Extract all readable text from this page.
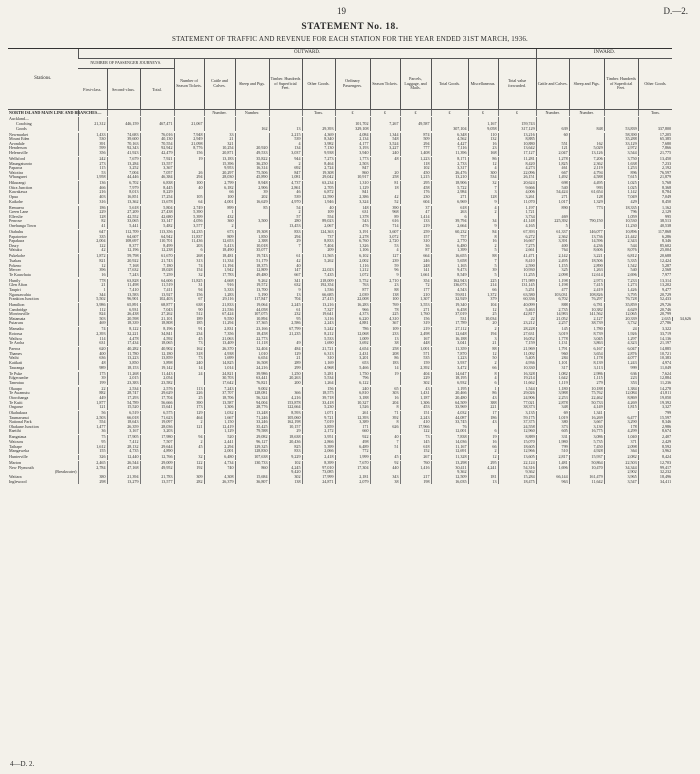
19	D.—2.
STATEMENT No. 18.
STATEMENT OF TRAFFIC AND REVENUE FOR EACH STATION FOR THE YEAR ENDED 31ST MARCH, 1936.
Stations.	OUTWARD.														INWARD.				
	NUMBER OF PASSENGER JOURNEYS.			Number of Season Tickets.	Cattle and Calves.	Sheep and Pigs.	Timber. Hundreds of Superficial Feet.	Other Goods.	Ordinary Passengers.	Season Tickets.	Parcels, Luggage, and Mails.	Total Goods.	Miscellaneous.	Total value forwarded.	Cattle and Calves.	Sheep and Pigs.	Timber. Hundreds of Superficial Feet.	Other Goods.	
	First-class.	Second-class.	Total.																
NORTH ISLAND MAIN LINE AND BRANCHES—					Number.	Number.		Tons.	£	£	£	£	£	£	Number.	Number.		Tons.	

Auckland—																			
Coaching	21,312	446,159	467,471	21,067					101,702	7,267	49,587		1,167	159,743					
Goods						162	13	29,393	329,108			307,104	9,058	317,129	639	848	53,839	337,800	

Newmarket	1,433	74,683	76,016	7,948	33		2,215	4,369	4,084	1,344	874	6,348	110	13,216	60		58,390	17,205	
Mount Eden	530	39,600	40,130	2,949	21		539	8,340	2,134	548	509	4,562	132	8,885			35,288	65,385	
Avondale	391	70,163	70,554	21,098	321		4	3,982	4,177	3,524	294	4,427	16	10,880	551	162	33,129	7,680	
Henderson	599	92,343	92,942	8,776	10,254	20,920	134	7,130	3,193	3,227	777	7,116	23	13,642	121	5,029	2,972	7,866	
Helensville	356	41,923	42,479	156	20,871	49,533	3,037	9,938	3,940	240	1,408	11,396	168	17,127	2,047	13,126	3,544	21,775	

Wellsford	242	7,679	7,921	19	13,183	35,822	944	7,273	1,773	48	1,223	8,171	86	11,281	1,278	7,206	3,750	13,450	
Maungaturoto	273	13,284	13,557		15,396	36,250	2	8,464	2,503		118	2,733	12	8,420	1,825	2,362	1,638	7,233	
Paparoa	115	3,252	3,367		9,953	16,314	692	2,724	847		102	3,317	4	4,273	461	2,119	1,253	2,192	
Waiotira	53	7,004	7,057	26	20,297	75,506	847	19,308	860	20	450	26,476	300	22,096	667	4,794	896	76,597	
Whangarei	1,958	44,446	46,384	294	28,030	45,890	1,081	29,042	10,917	258	1,215	13,210	534	26,151	1,492	4,588	7,615	21,879	

Hikurangi	136	6,702	6,838	100	2,799	8,948	4,737	63,234	1,310	81	295	18,906	32	20,624	698	4,495	1,025	5,768	
Otira Junction	466	7,979	8,445	40	6,182	2,906	2,861	2,705	1,129	18	458	5,722	7	9,666	540	993	1,025	8,368	
Kawakawa	216	8,013	8,229		66	39	46	6,872	841		176	2,984	3	4,006	54,424	61,654	1,142	8,784	
Opua	403	16,851	17,254	105	100	202	539	12,590	2,386	42	230	271	128	3,261	271	128	7,049	7,049	
Kaikohe	316	13,362	13,678	64	4,001	16,629	4,970	1,946	3,324	52	604	6,969	9	11,070	1,017	1,329	429	8,450	

Remuera	186	5,618	5,804	2,749	899	85	54	40	148	390	37	618	4	1,197	890	773	18,335	1,162	
Green Lane	229	27,209	27,438	5,390	1		2	109	631	968	47	263	2	1,721			796	2,129	
Ellerslie	128	42,552	42,680	5,399	432		57	554	1,378	89	1,414	6		3,734	469		1,059	995	
Penrose	82	33,065	33,147	4,056	360	3,500	280	89,023	543	616	133	39,794	34	41,148	225,392	790,150	10,530	38,513	
Onehunga Town	41	5,441	5,482	3,577	2		13,453	2,067	476	714	219	2,664	9	4,165	5		11,230	40,538	

Otahuhu	647	112,709	113,356	14,235	673	19,308	833	124,363	3,191	3,607	259	60,232	84	67,393	61,337	146,077	10,896	117,868	
Papatoetoe	335	64,607	64,942	11,837	809	1,850	294	737	2,278	3,072	157	757	8	6,272	2,362	13,736	21,442	6,286	
Papakura	2,004	108,697	110,701	11,436	12,653	2,388	29	8,833	6,760	2,720	310	2,770	16	16,667	3,391	14,596	2,343	8,346	
Drury	122	8,377	8,499	203	5,413	10,018	7	7,404	1,326	53	36	6,480	2	7,275	400	4,236	544	85,602	
Waiuku	42	12,196	12,238	6	18,490	35,077		209	1,106	4	87	1,399	5	2,661	764	8,606	8,076	25,004	

Pukekohe	1,872	59,798	61,670	268	18,481	19,743	61	11,565	6,102	127	664	16,655	88	41,471	2,142	3,221	6,812	20,688	
Tuakau	821	20,922	21,743	313	11,334	51,179	42	5,262	2,002	239	246	5,658	7	8,410	2,495	18,506	5,335	12,424	
Pokeno	12	7,168	7,180	74	11,194	18,375	40		1,116	59	248	1,165	5	2,590	1,155	2,890	1,542	5,287	
Mercer	396	17,632	18,028	154	1,942	12,809	147	22,023	1,212	96	141	9,473	39	10,930	325	1,263	540	2,568	
Te Kauwhata	16	7,243	7,259	32	17,783	49,480	667	7,435	1,072	9	1,661	8,549	5	11,255	2,098	12,614	2,696	7,977	

Huntly	778	63,828	64,606	11,825	4,668	9,262	341	218,009	5,752	2,710	354	162,943	225	171,989	1,198	2,973	7,233	13,314	
Glen Afton	21	11,498	11,519	31	916	19,572	632	192,354	763	23	72	136,073	214	131,145	1,198	7,415	1,273	13,202	
Taupiri	1	7,410	7,411	94	5,333	13,700	9	1,536	877	88	177	4,543	66	5,251	477	2,419	1,426	9,477	
Ngaruawahia	344	13,583	13,927	156	1,283	5,190	13	66,685	2,039	138	210	59,811	1,372	63,580	103,031	108,826	3,795	20,729	
Frankton Junction	5,502	96,901	102,403	67	29,116	117,847	704	27,415	22,008	100	1,307	32,929	379	60,336	6,702	76,297	76,728	52,433	

Hamilton	3,986	65,891	68,877	638	21,833	19,064	2,245	13,216	16,283	769	3,553	19,340	104	40,099	888	6,781	35,859	29,726	
Cambridge	112	6,931	7,043	90	21,536	44,058	61	7,327	966	78	271	6,458	12	5,463	2,735	10,382	4,629	20,746	
Morrinsville	824	26,438	27,262	512	67,424	107,075	232	19,641	4,373	225	1,760	37,019	25	42,817	14,983	141,562	12,065	20,799	
Matamata	503	20,598	21,101	189	9,550	10,894	95	3,116	6,220	4,310	156	531	10,034	22	21,052	2,127	20,339	2,635	34,626
Putaruru	469	18,339	18,808	185	11,294	37,365	2,586	2,243	4,881	367	319	17,789	20	23,212	2,257	38,739	3,732	27,786	

Mamaku	74	8,122	8,196	91	2,831	23,166	67,799	5,242	786	109	219	27,112	2	28,228	145	1,780	24	3,322	
Rotorua	2,393	32,221	34,841	234	7,356	18,458	21,235	8,212	12,068	233	2,498	12,648	194	27,631	3,019	8,739	1,926	33,719	
Waihou	114	4,478	4,592	45	21,063	22,773		5,533	1,009	13	167	16,188	3	16,052	1,778	3,045	1,297	14,136	
Te Aroha	631	17,434	18,065	73	13,409	11,118	49	1,690	3,692	38	448	3,041	21	7,159	1,131	3,863	4,323	21,197	

Paeroa	620	40,282	40,902	162	26,370	32,404	484	21,721	4,654	258	1,001	11,359	88	21,969	1,791	6,167	6,047	14,885	
Thames	400	11,780	12,180	318	4,938	1,010	129	6,313	2,431	208	571	7,870	12	11,092	960	3,654	2,876	10,721	
Waihi	636	13,223	13,859	73	1,699	6,654	21	310	3,201	86	535	1,223	50	5,405	284	1,178	4,077	10,383	
Katikati	48	3,850	3,898	240	14,825	16,508	289	1,169	653	183	159	3,937	2	4,936	1,101	8,139	1,243	4,974	
Tauranga	989	18,153	19,142	14	1,014	24,216	299	4,968	5,466	14	2,392	3,472	66	10,330	317	3,113	999	11,049	

Te Puke	175	11,268	11,443	24	24,821	39,986	1,250	5,281	1,750	19	404	14,647	8	16,328	1,082	2,986	636	7,624	
Edgecumbe	39	2,015	2,054		30,703	63,441	20,263	5,534	796		229	18,195	4	19,214	1,642	1,115	223	12,884	
Taneatua	199	23,383	23,582		17,642	76,821	200	1,264	6,122		302	6,932	6	11,662	1,119	279	353	11,236	

Okaupo	22	2,534	2,576	113	7,243	9,002		156	240	65	43	1,195	1	1,544	1,180	10,188	1,384	14,278	
Te Awamutu	882	28,747	29,629	226	37,707	128,081	366	18,575	6,810	303	1,431	20,466	86	29,026	3,988	75,762	12,084	41,811	
Otorohanga	449	17,293	17,704	25	18,706	56,324	4,216	39,718	3,188	16	1,187	20,480	43	24,906	2,253	22,462	8,869	19,050	
Te Kuiti	1,877	54,789	56,666	390	13,587	94,004	153,878	33,418	10,327	204	1,306	64,509	388	77,021	2,878	50,733	4,269	19,392	
Ongarue	121	15,520	15,641	173	1,306	28,776	122,664	5,230	1,526	8	453	33,969	221	38,373	348	4,149	1,815	3,327	

Okahukura	56	6,519	6,575	129	1,032	13,248	8,593	1,071	261	71	151	4,032	17	3,135	69	1,341		799	
Taumarunui	2,503	66,018	71,623	464	1,667	71,246	105,060	9,721	12,393	392	2,243	44,087	186	59,175	1,019	16,269	6,477	15,597	
National Park	554	18,643	19,097	2	1,150	33,246	162,198	7,019	3,389	8	410	33,745	43	37,375	380	3,667	3,290	8,346	
Ohakune Junction	1,477	26,359	28,036	121	12,419	35,425	10,157	3,859	171	626	17,966	76		24,558	373	3,130	178	2,986	
Raetihi	36	3,167	3,203		1,129	79,588	29	2,172	660		122	12,001	6	12,960	605	16,775	4,299	8,674	

Rangataua	75	17,905	17,980	94	520	29,082	18,638	3,951	922	40	73	7,838	19	8,889	331	3,086	1,040	2,407	
Waiouru	95	7,412	7,507	2	2,441	96,127	20,436	2,866	498	7	145	14,036	16	15,070	1,980	5,735	371	2,429	
Taihape	1,612	28,132	29,644	45	2,294	129,325	825	5,399	6,489	51	618	11,167	66	18,605	799	7,450	2,098	8,592	
Mangaweka	155	4,735	4,890		2,001	128,830	833	2,066	772		152	12,691	2	12,966	510	4,928	364	3,962	

Hunterville	326	12,440	12,766	32	6,480	107,638	9,229	2,418	1,999	45	267	11,328	12	13,605	2,817	15,937	2,082	8,424	

Marton	2,465	26,544	29,009	122	4,734	130,733	102	8,399	7,670	92	760	13,298	295	22,124	1,481	50,864	22,503	12,703	
New Plymouth	2,784	47,168	49,952	192	740	860	4,245	97,010	17,304	440	1,416	30,411	4,241	54,316	1,696	10,470	34,344	99,417	
(Breakwater)							9,420	73,085				9,362		9,362			2,902	32,232	
Waitara	380	21,394	21,783	309	4,308	15,684	302	17,999	2,181	343	217	12,509	181	15,284	66,144	161,479	3,965	18,496	
Inglewood	298	13,279	13,577	282	26,379	36,807	138	24,871	2,079	38	198	16,035	13	18,475	963	11,642	3,547	34,411	
4—D. 2.
